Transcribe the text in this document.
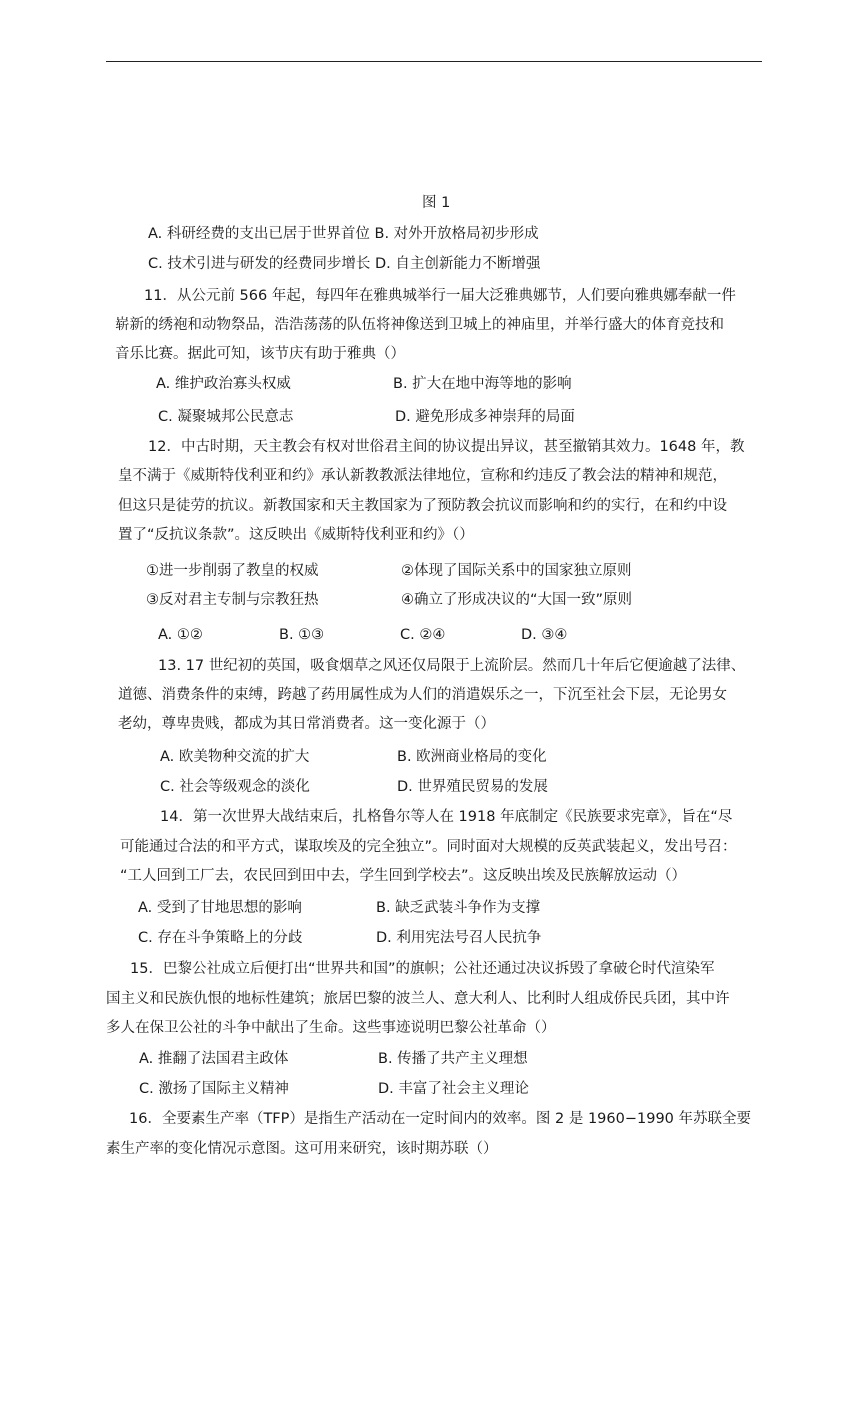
图 1
A. 科研经费的支出已居于世界首位 B. 对外开放格局初步形成
C. 技术引进与研发的经费同步增长 D. 自主创新能力不断增强
11．从公元前 566 年起，每四年在雅典城举行一届大泛雅典娜节，人们要向雅典娜奉献一件
崭新的绣袍和动物祭品，浩浩荡荡的队伍将神像送到卫城上的神庙里，并举行盛大的体育竞技和
音乐比赛。据此可知，该节庆有助于雅典（）
A. 维护政治寡头权威	B. 扩大在地中海等地的影响
C. 凝聚城邦公民意志	D. 避免形成多神崇拜的局面
12．中古时期，天主教会有权对世俗君主间的协议提出异议，甚至撤销其效力。1648 年，教
皇不满于《威斯特伐利亚和约》承认新教教派法律地位，宣称和约违反了教会法的精神和规范，
但这只是徒劳的抗议。新教国家和天主教国家为了预防教会抗议而影响和约的实行，在和约中设
置了“反抗议条款”。这反映出《威斯特伐利亚和约》（）
①进一步削弱了教皇的权威	②体现了国际关系中的国家独立原则
③反对君主专制与宗教狂热	④确立了形成决议的“大国一致”原则
A. ①②	B. ①③	C. ②④	D. ③④
13. 17 世纪初的英国，吸食烟草之风还仅局限于上流阶层。然而几十年后它便逾越了法律、
道德、消费条件的束缚，跨越了药用属性成为人们的消遣娱乐之一，下沉至社会下层，无论男女
老幼，尊卑贵贱，都成为其日常消费者。这一变化源于（）
A. 欧美物种交流的扩大	B. 欧洲商业格局的变化
C. 社会等级观念的淡化	D. 世界殖民贸易的发展
14．第一次世界大战结束后，扎格鲁尔等人在 1918 年底制定《民族要求宪章》，旨在“尽
可能通过合法的和平方式，谋取埃及的完全独立”。同时面对大规模的反英武装起义，发出号召：
“工人回到工厂去，农民回到田中去，学生回到学校去”。这反映出埃及民族解放运动（）
A. 受到了甘地思想的影响	B. 缺乏武装斗争作为支撑
C. 存在斗争策略上的分歧	D. 利用宪法号召人民抗争
15．巴黎公社成立后便打出“世界共和国”的旗帜；公社还通过决议拆毁了拿破仑时代渲染军
国主义和民族仇恨的地标性建筑；旅居巴黎的波兰人、意大利人、比利时人组成侨民兵团，其中许
多人在保卫公社的斗争中献出了生命。这些事迹说明巴黎公社革命（）
A. 推翻了法国君主政体	B. 传播了共产主义理想
C. 激扬了国际主义精神	D. 丰富了社会主义理论
16．全要素生产率（TFP）是指生产活动在一定时间内的效率。图 2 是 1960−1990 年苏联全要
素生产率的变化情况示意图。这可用来研究，该时期苏联（）
